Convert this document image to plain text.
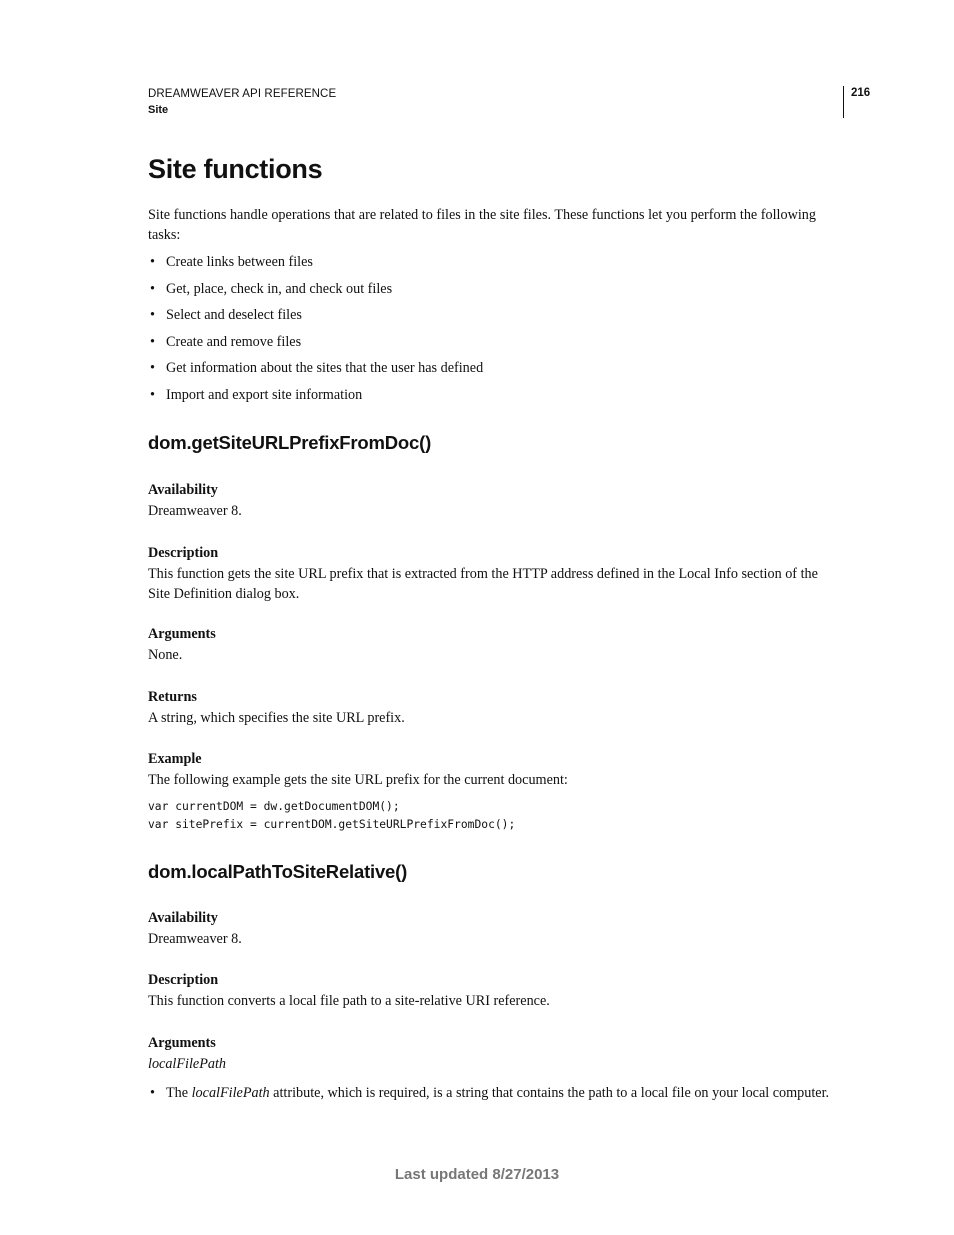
DREAMWEAVER API REFERENCE
Site
216
Site functions

Site functions handle operations that are related to files in the site files. These functions let you perform the following tasks:

• Create links between files
• Get, place, check in, and check out files
• Select and deselect files
• Create and remove files
• Get information about the sites that the user has defined
• Import and export site information
dom.getSiteURLPrefixFromDoc()
Availability
Dreamweaver 8.
Description
This function gets the site URL prefix that is extracted from the HTTP address defined in the Local Info section of the Site Definition dialog box.
Arguments
None.
Returns
A string, which specifies the site URL prefix.
Example
The following example gets the site URL prefix for the current document:
var currentDOM = dw.getDocumentDOM();
var sitePrefix = currentDOM.getSiteURLPrefixFromDoc();
dom.localPathToSiteRelative()
Availability
Dreamweaver 8.
Description
This function converts a local file path to a site-relative URI reference.
Arguments
localFilePath
• The localFilePath attribute, which is required, is a string that contains the path to a local file on your local computer.
Last updated 8/27/2013
